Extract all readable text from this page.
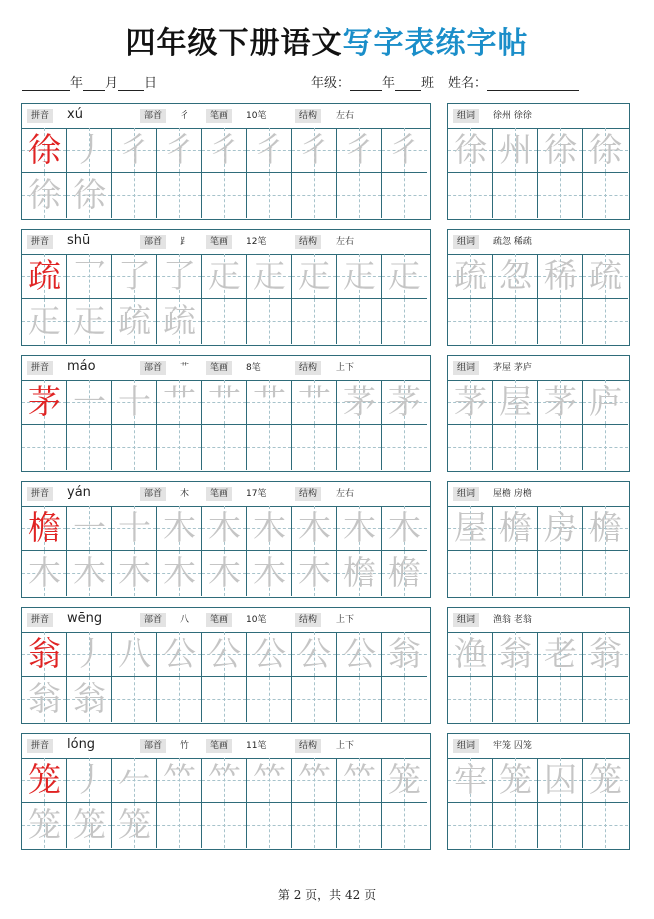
四年级下册语文写字表练字帖
年 月 日	年级： 年 班 姓名：
拼音	xú	部首	彳	笔画	10笔	结构	左右
徐 丿 彳 彳 彳 彳 彳 彳 彳
徐 徐
组词	徐州 徐徐
徐 州 徐 徐
拼音	shū	部首	⻊	笔画	12笔	结构	左右
疏 乛 了 了 𤴓 𤴓 𤴓 𤴓 𤴓
𤴓 𤴓 疏 疏
组词	疏忽 稀疏
疏 忽 稀 疏
拼音	máo	部首	艹	笔画	8笔	结构	上下
茅 一 十 艹 艹 艹 艹 茅 茅
组词	茅屋 茅庐
茅 屋 茅 庐
拼音	yán	部首	木	笔画	17笔	结构	左右
檐 一 十 木 木 木 木 木 木
木 木 木 木 木 木 木 檐 檐
组词	屋檐 房檐
屋 檐 房 檐
拼音	wēng	部首	八	笔画	10笔	结构	上下
翁 丿 八 公 公 公 公 公 翁
翁 翁
组词	渔翁 老翁
渔 翁 老 翁
拼音	lóng	部首	竹	笔画	11笔	结构	上下
笼 丿 𠂉 𥫗 𥫗 𥫗 𥫗 𥫗 笼
笼 笼 笼
组词	牢笼 囚笼
牢 笼 囚 笼
第 2 页，共 42 页
